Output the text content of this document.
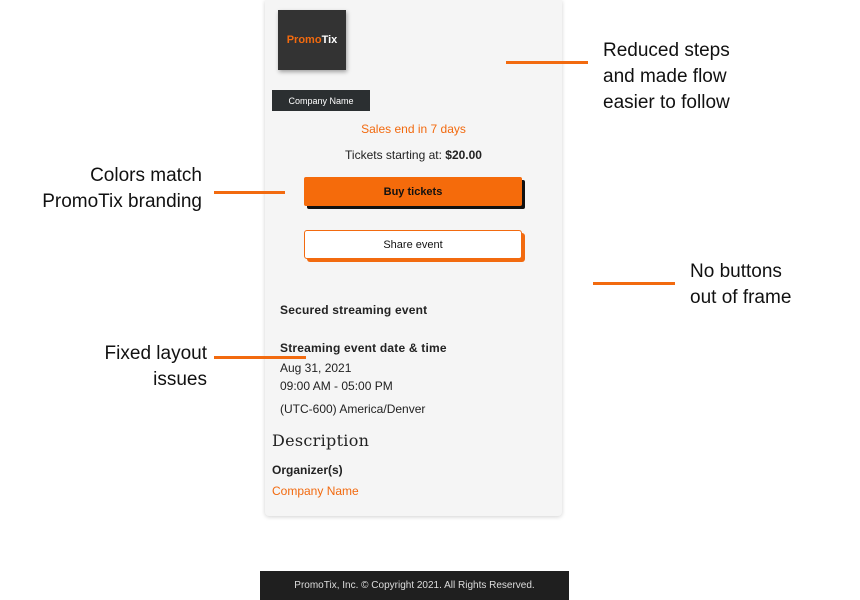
Promo Tix
Company Name
Sales end in 7 days
Tickets starting at: $20.00
Buy tickets
Share event
Secured streaming event
Streaming event date & time
Aug 31, 2021
09:00 AM - 05:00 PM
(UTC-600) America/Denver
Description
Organizer(s)
Company Name
PromoTix, Inc. © Copyright 2021. All Rights Reserved.
Reduced steps
and made flow
easier to follow
Colors match
PromoTix branding
No buttons
out of frame
Fixed layout
issues
